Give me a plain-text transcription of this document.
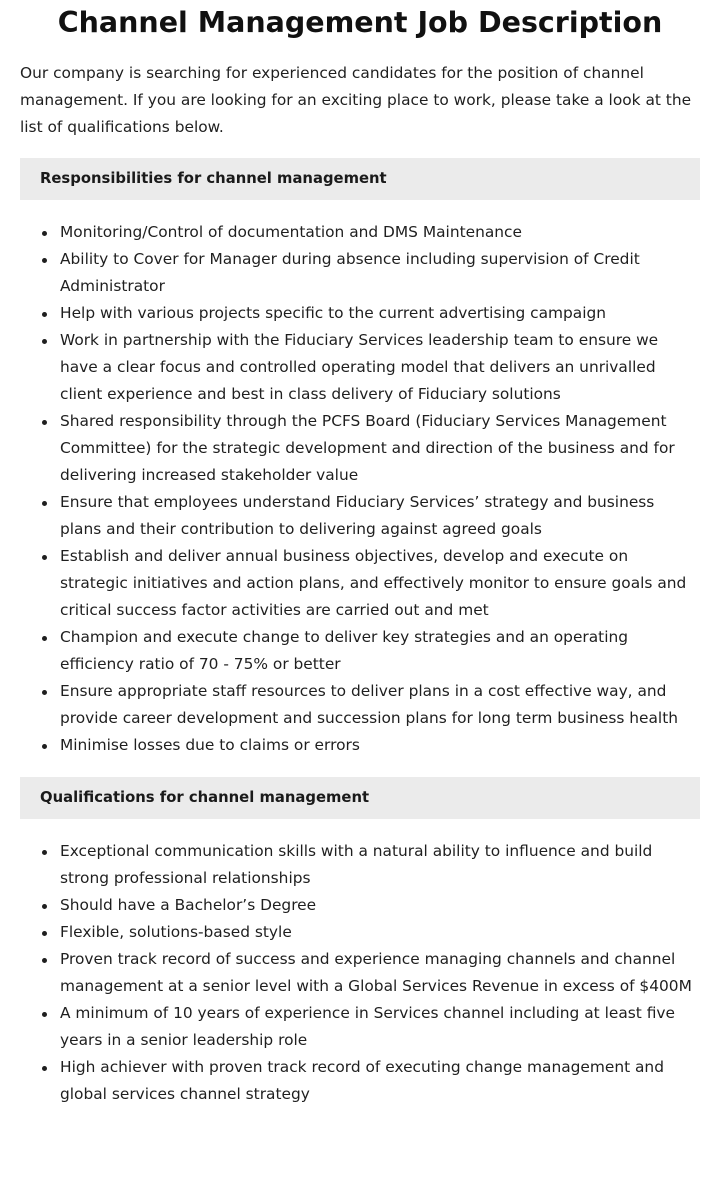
Channel Management Job Description

Our company is searching for experienced candidates for the position of channel management. If you are looking for an exciting place to work, please take a look at the list of qualifications below.

Responsibilities for channel management
Monitoring/Control of documentation and DMS Maintenance
Ability to Cover for Manager during absence including supervision of Credit Administrator
Help with various projects specific to the current advertising campaign
Work in partnership with the Fiduciary Services leadership team to ensure we have a clear focus and controlled operating model that delivers an unrivalled client experience and best in class delivery of Fiduciary solutions
Shared responsibility through the PCFS Board (Fiduciary Services Management Committee) for the strategic development and direction of the business and for delivering increased stakeholder value
Ensure that employees understand Fiduciary Services’ strategy and business plans and their contribution to delivering against agreed goals
Establish and deliver annual business objectives, develop and execute on strategic initiatives and action plans, and effectively monitor to ensure goals and critical success factor activities are carried out and met
Champion and execute change to deliver key strategies and an operating efficiency ratio of 70 - 75% or better
Ensure appropriate staff resources to deliver plans in a cost effective way, and provide career development and succession plans for long term business health
Minimise losses due to claims or errors
Qualifications for channel management
Exceptional communication skills with a natural ability to influence and build strong professional relationships
Should have a Bachelor’s Degree
Flexible, solutions-based style
Proven track record of success and experience managing channels and channel management at a senior level with a Global Services Revenue in excess of $400M
A minimum of 10 years of experience in Services channel including at least five years in a senior leadership role
High achiever with proven track record of executing change management and global services channel strategy
